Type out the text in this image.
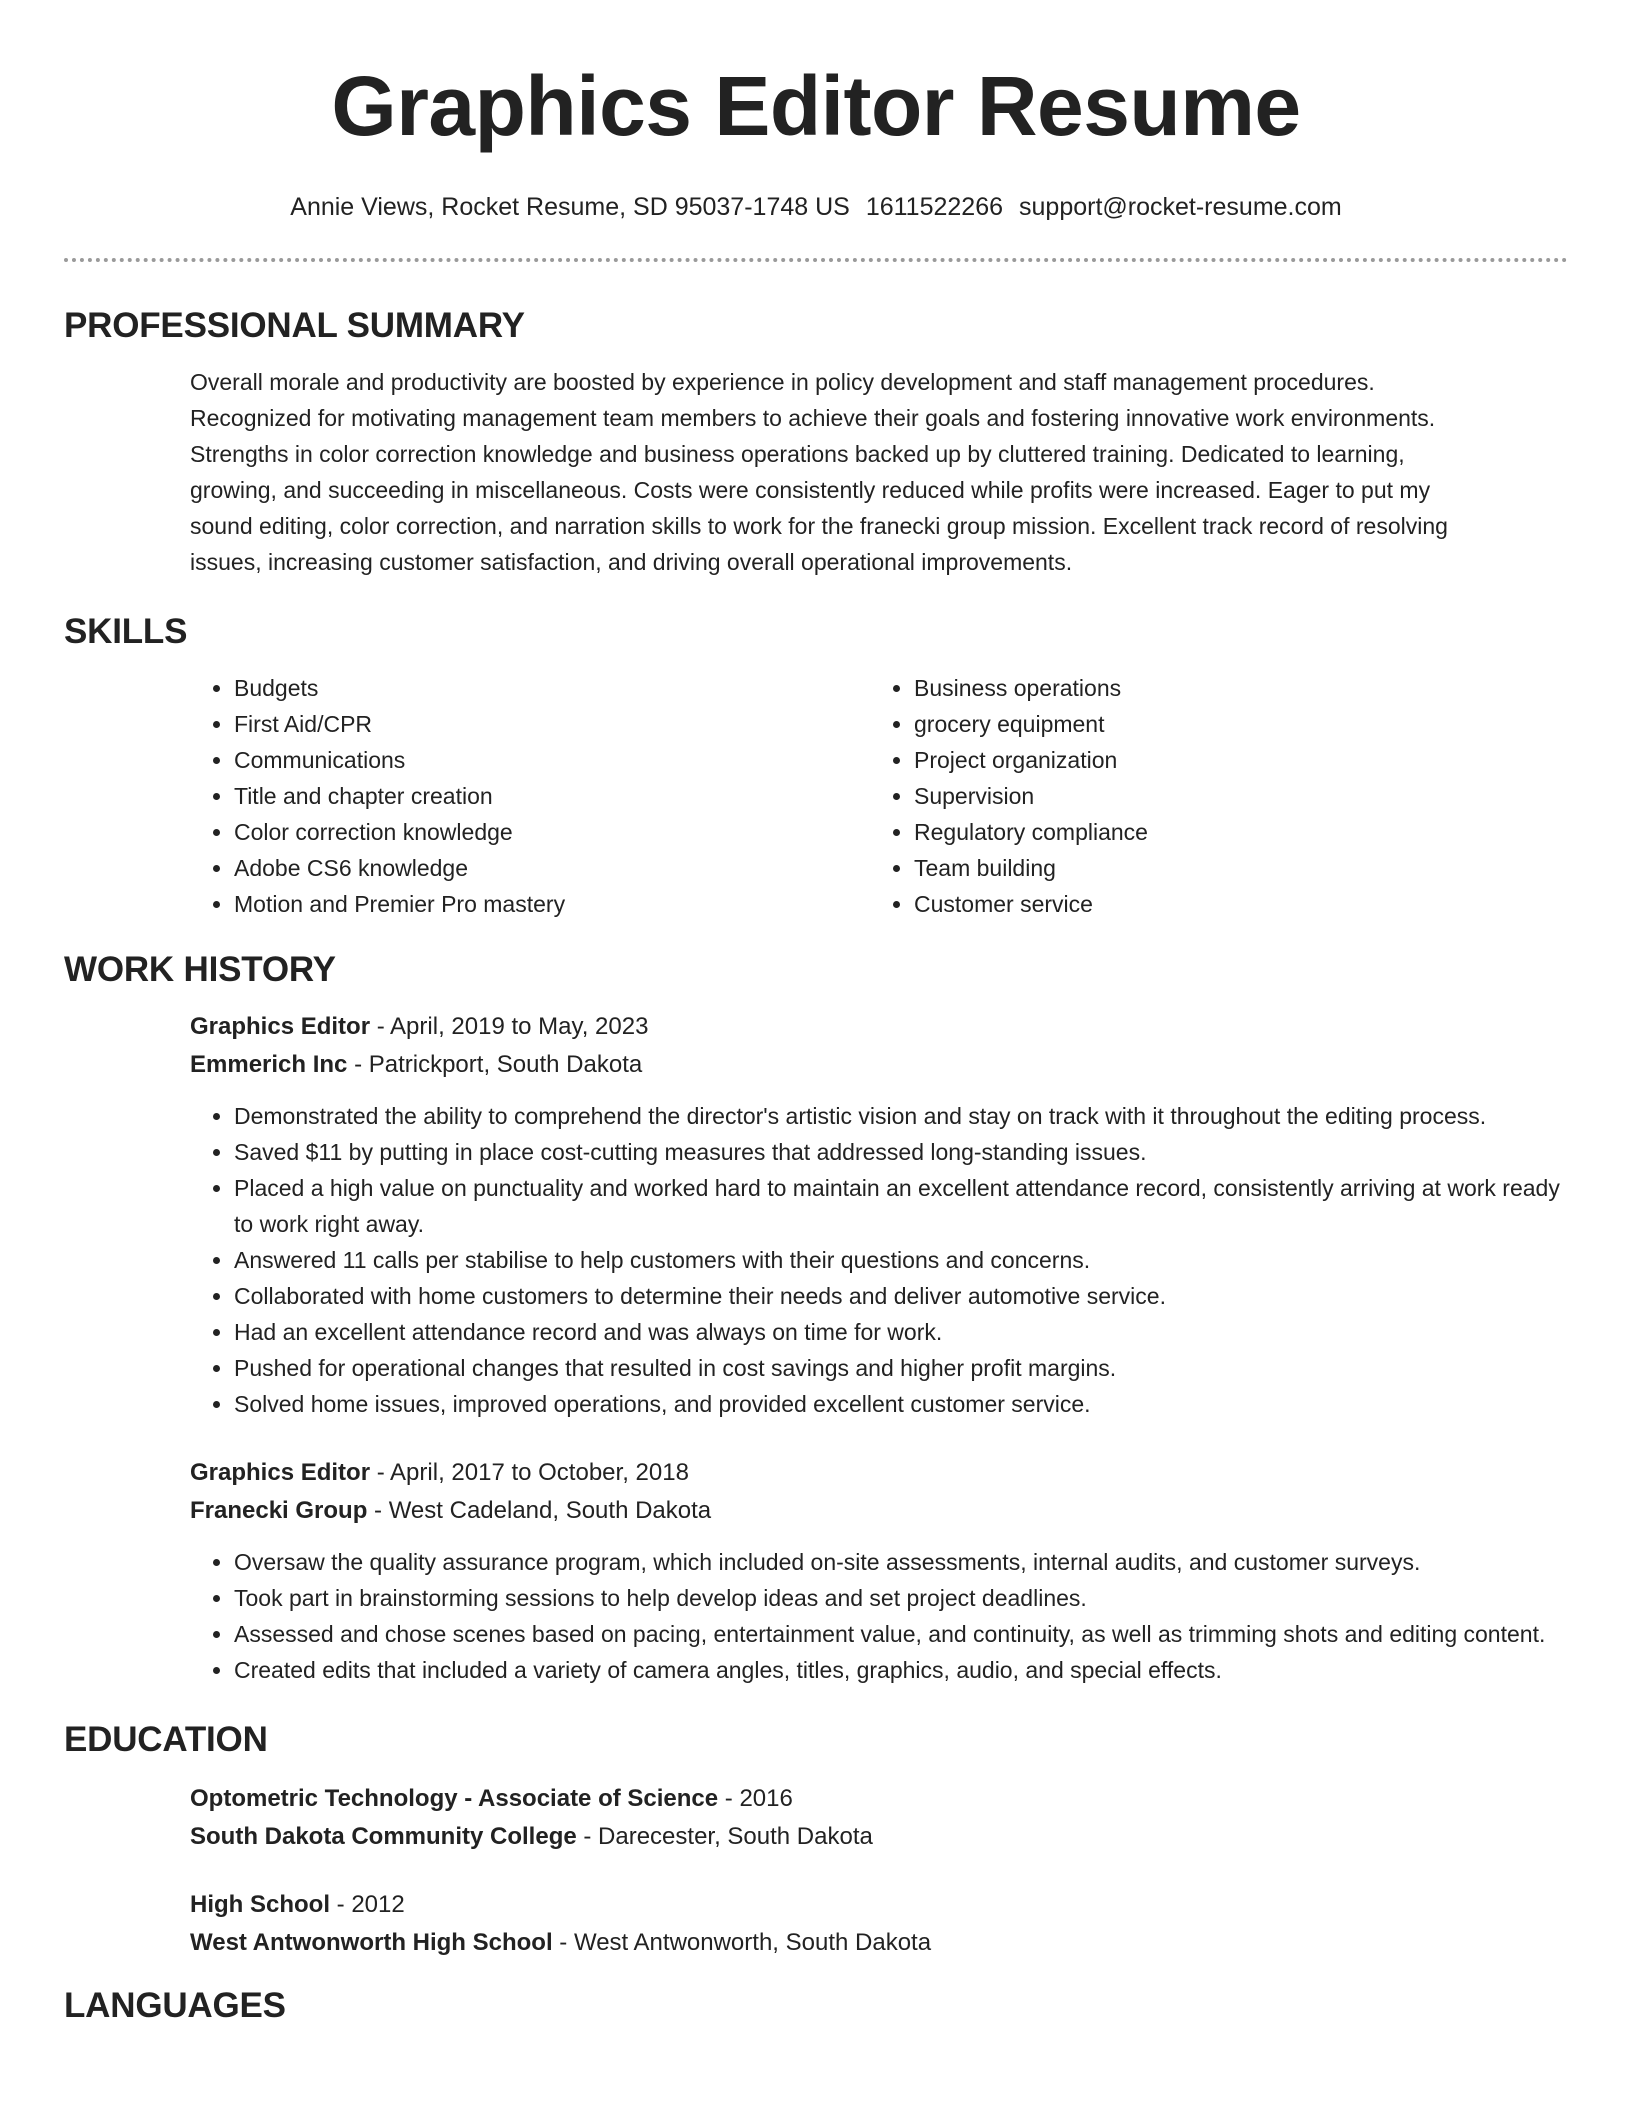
Graphics Editor Resume
Annie Views, Rocket Resume, SD 95037-1748 US 1611522266 support@rocket-resume.com
PROFESSIONAL SUMMARY
Overall morale and productivity are boosted by experience in policy development and staff management procedures.
Recognized for motivating management team members to achieve their goals and fostering innovative work environments.
Strengths in color correction knowledge and business operations backed up by cluttered training. Dedicated to learning,
growing, and succeeding in miscellaneous. Costs were consistently reduced while profits were increased. Eager to put my
sound editing, color correction, and narration skills to work for the franecki group mission. Excellent track record of resolving
issues, increasing customer satisfaction, and driving overall operational improvements.
SKILLS
• Budgets
• First Aid/CPR
• Communications
• Title and chapter creation
• Color correction knowledge
• Adobe CS6 knowledge
• Motion and Premier Pro mastery
• Business operations
• grocery equipment
• Project organization
• Supervision
• Regulatory compliance
• Team building
• Customer service
WORK HISTORY

Graphics Editor - April, 2019 to May, 2023

Emmerich Inc - Patrickport, South Dakota

• Demonstrated the ability to comprehend the director's artistic vision and stay on track with it throughout the editing process.
• Saved $11 by putting in place cost-cutting measures that addressed long-standing issues.
• Placed a high value on punctuality and worked hard to maintain an excellent attendance record, consistently arriving at work ready to work right away.
• Answered 11 calls per stabilise to help customers with their questions and concerns.
• Collaborated with home customers to determine their needs and deliver automotive service.
• Had an excellent attendance record and was always on time for work.
• Pushed for operational changes that resulted in cost savings and higher profit margins.
• Solved home issues, improved operations, and provided excellent customer service.

Graphics Editor - April, 2017 to October, 2018

Franecki Group - West Cadeland, South Dakota

• Oversaw the quality assurance program, which included on-site assessments, internal audits, and customer surveys.
• Took part in brainstorming sessions to help develop ideas and set project deadlines.
• Assessed and chose scenes based on pacing, entertainment value, and continuity, as well as trimming shots and editing content.
• Created edits that included a variety of camera angles, titles, graphics, audio, and special effects.
EDUCATION

Optometric Technology - Associate of Science - 2016

South Dakota Community College - Darecester, South Dakota

High School - 2012

West Antwonworth High School - West Antwonworth, South Dakota

LANGUAGES
